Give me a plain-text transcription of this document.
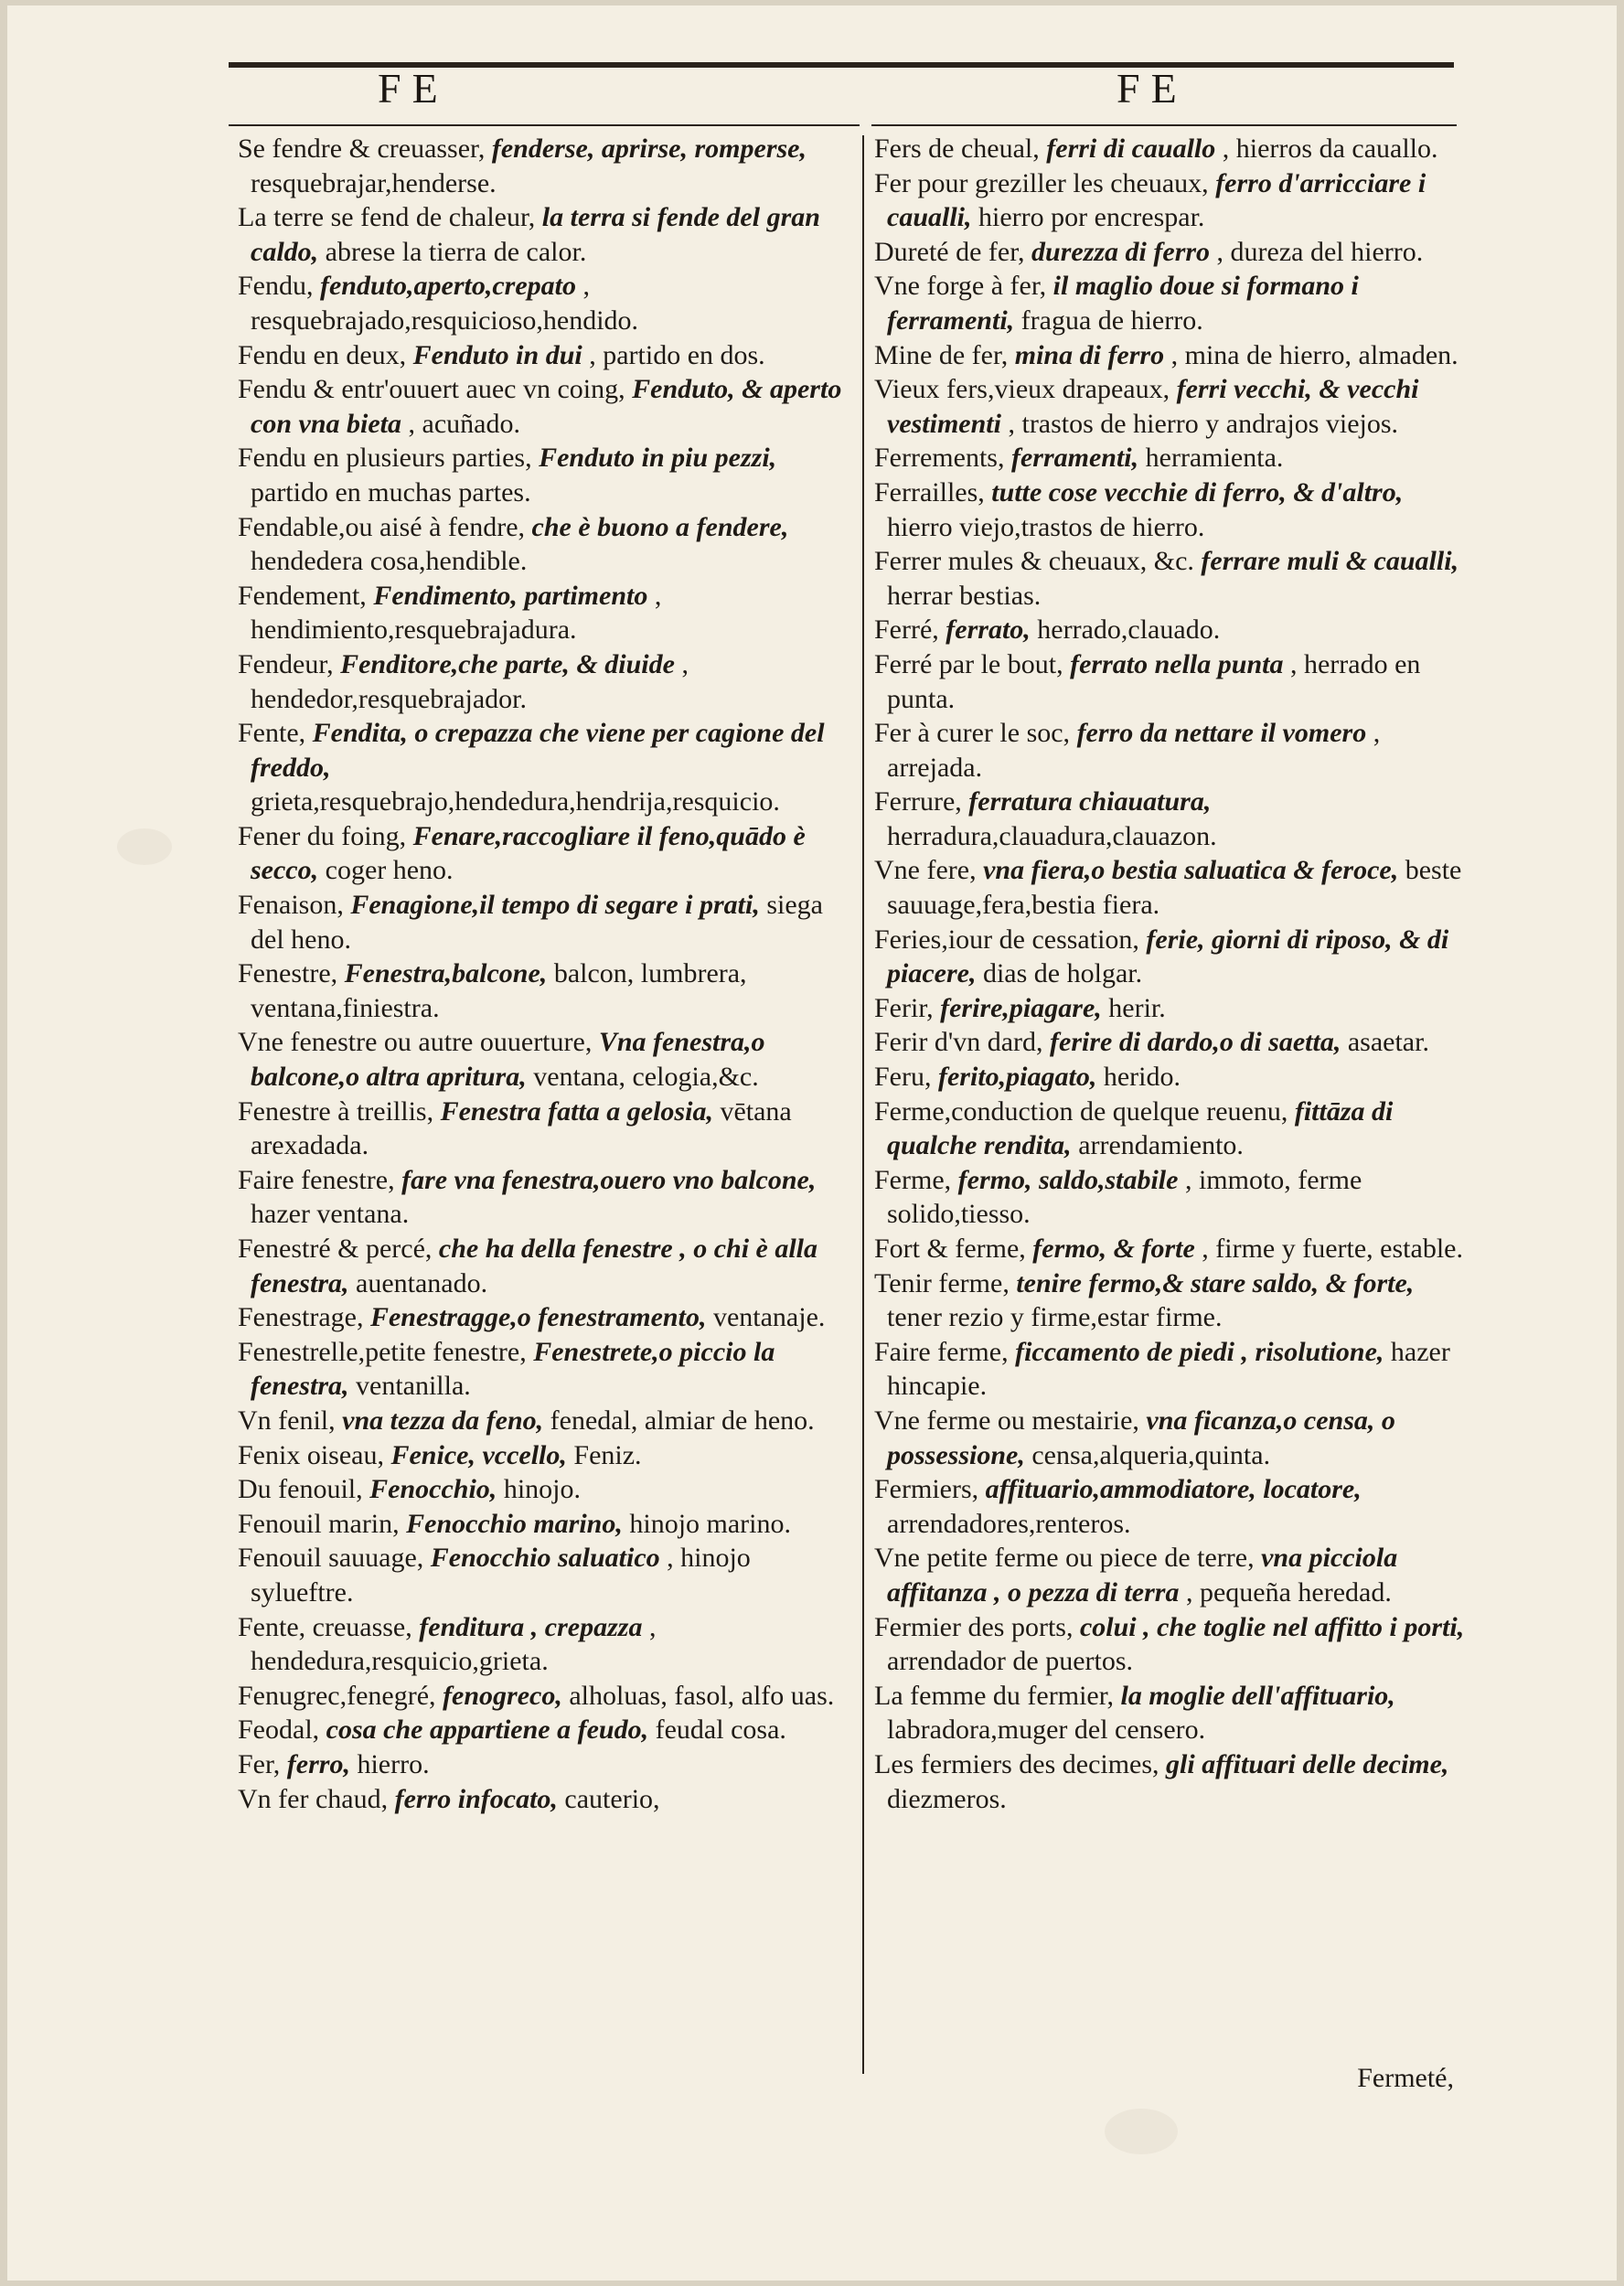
FE	FE
Se fendre & creuasser, fenderse, aprirse, romperse, resquebrajar,henderse.
La terre se fend de chaleur, la terra si fende del gran caldo, abrese la tierra de calor.
Fendu, fenduto,aperto,crepato , resquebrajado,resquicioso,hendido.
Fendu en deux, Fenduto in dui , partido en dos.
Fendu & entr'ouuert auec vn coing, Fenduto, & aperto con vna bieta , acuñado.
Fendu en plusieurs parties, Fenduto in piu pezzi, partido en muchas partes.
Fendable,ou aisé à fendre, che è buono a fendere, hendedera cosa,hendible.
Fendement, Fendimento, partimento , hendimiento,resquebrajadura.
Fendeur, Fenditore,che parte, & diuide , hendedor,resquebrajador.
Fente, Fendita, o crepazza che viene per cagione del freddo, grieta,resquebrajo,hendedura,hendrija,resquicio.
Fener du foing, Fenare,raccogliare il feno,quādo è secco, coger heno.
Fenaison, Fenagione,il tempo di segare i prati, siega del heno.
Fenestre, Fenestra,balcone, balcon, lumbrera, ventana,finiestra.
Vne fenestre ou autre ouuerture, Vna fenestra,o balcone,o altra apritura, ventana, celogia,&c.
Fenestre à treillis, Fenestra fatta a gelosia, vētana arexadada.
Faire fenestre, fare vna fenestra,ouero vno balcone, hazer ventana.
Fenestré & percé, che ha della fenestre , o chi è alla fenestra, auentanado.
Fenestrage, Fenestragge,o fenestramento, ventanaje.
Fenestrelle,petite fenestre, Fenestrete,o piccio la fenestra, ventanilla.
Vn fenil, vna tezza da feno, fenedal, almiar de heno.
Fenix oiseau, Fenice, vccello, Feniz.
Du fenouil, Fenocchio, hinojo.
Fenouil marin, Fenocchio marino, hinojo marino.
Fenouil sauuage, Fenocchio saluatico , hinojo sylueftre.
Fente, creuasse, fenditura , crepazza , hendedura,resquicio,grieta.
Fenugrec,fenegré, fenogreco, alholuas, fasol, alfo uas.
Feodal, cosa che appartiene a feudo, feudal cosa.
Fer, ferro, hierro.
Vn fer chaud, ferro infocato, cauterio,
Fers de cheual, ferri di cauallo , hierros da cauallo.
Fer pour greziller les cheuaux, ferro d'arricciare i caualli, hierro por encrespar.
Dureté de fer, durezza di ferro , dureza del hierro.
Vne forge à fer, il maglio doue si formano i ferramenti, fragua de hierro.
Mine de fer, mina di ferro , mina de hierro, almaden.
Vieux fers,vieux drapeaux, ferri vecchi, & vecchi vestimenti , trastos de hierro y andrajos viejos.
Ferrements, ferramenti, herramienta.
Ferrailles, tutte cose vecchie di ferro, & d'altro, hierro viejo,trastos de hierro.
Ferrer mules & cheuaux, &c. ferrare muli & caualli, herrar bestias.
Ferré, ferrato, herrado,clauado.
Ferré par le bout, ferrato nella punta , herrado en punta.
Fer à curer le soc, ferro da nettare il vomero , arrejada.
Ferrure, ferratura chiauatura, herradura,clauadura,clauazon.
Vne fere, vna fiera,o bestia saluatica & feroce, beste sauuage,fera,bestia fiera.
Feries,iour de cessation, ferie, giorni di riposo, & di piacere, dias de holgar.
Ferir, ferire,piagare, herir.
Ferir d'vn dard, ferire di dardo,o di saetta, asaetar.
Feru, ferito,piagato, herido.
Ferme,conduction de quelque reuenu, fittāza di qualche rendita, arrendamiento.
Ferme, fermo, saldo,stabile , immoto, ferme solido,tiesso.
Fort & ferme, fermo, & forte , firme y fuerte, estable.
Tenir ferme, tenire fermo,& stare saldo, & forte, tener rezio y firme,estar firme.
Faire ferme, ficcamento de piedi , risolutione, hazer hincapie.
Vne ferme ou mestairie, vna ficanza,o censa, o possessione, censa,alqueria,quinta.
Fermiers, affituario,ammodiatore, locatore, arrendadores,renteros.
Vne petite ferme ou piece de terre, vna picciola affitanza , o pezza di terra , pequeña heredad.
Fermier des ports, colui , che toglie nel affitto i porti, arrendador de puertos.
La femme du fermier, la moglie dell'affituario, labradora,muger del censero.
Les fermiers des decimes, gli affituari delle decime, diezmeros.
Fermeté,
